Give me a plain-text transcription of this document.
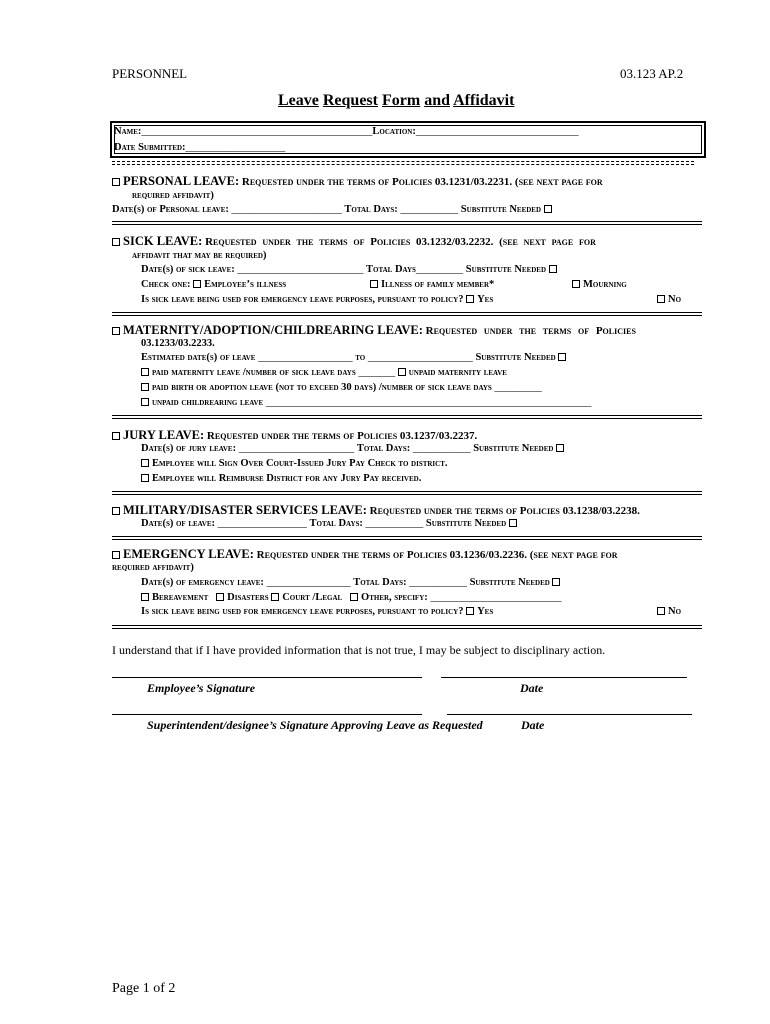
PERSONNEL	03.123 AP.2
Leave Request Form and Affidavit
Name:____________________________________________Location:_______________________________
Date Submitted:___________________
PERSONAL LEAVE: Requested under the terms of Policies 03.1231/03.2231. (see next page for
required affidavit)
Date(s) of Personal leave: _____________________ Total Days: ___________ Substitute Needed
SICK LEAVE: Requested under the terms of Policies 03.1232/03.2232. (see next page for
affidavit that may be required)
Date(s) of sick leave: ________________________ Total Days_________ Substitute Needed
Check one: Employee’s illness	Illness of family member*	Mourning
Is sick leave being used for emergency leave purposes, pursuant to policy? Yes	No
MATERNITY/ADOPTION/CHILDREARING LEAVE: Requested under the terms of Policies
03.1233/03.2233.
Estimated date(s) of leave __________________ to ____________________ Substitute Needed
paid maternity leave /number of sick leave days _______ unpaid maternity leave
paid birth or adoption leave (not to exceed 30 days) /number of sick leave days _________
unpaid childrearing leave ______________________________________________________________
JURY LEAVE: Requested under the terms of Policies 03.1237/03.2237.
Date(s) of jury leave: ______________________ Total Days: ___________ Substitute Needed
Employee will Sign Over Court-Issued Jury Pay Check to district.
Employee will Reimburse District for any Jury Pay received.
MILITARY/DISASTER SERVICES LEAVE: Requested under the terms of Policies 03.1238/03.2238.
Date(s) of leave: _________________ Total Days: ___________ Substitute Needed
EMERGENCY LEAVE: Requested under the terms of Policies 03.1236/03.2236. (see next page for
required affidavit)
Date(s) of emergency leave: ________________ Total Days: ___________ Substitute Needed
Bereavement Disasters Court /Legal Other, specify: _________________________
Is sick leave being used for emergency leave purposes, pursuant to policy? Yes	No
I understand that if I have provided information that is not true, I may be subject to disciplinary action.
Employee’s Signature	Date
Superintendent/designee’s Signature Approving Leave as Requested	Date
Page 1 of 2
